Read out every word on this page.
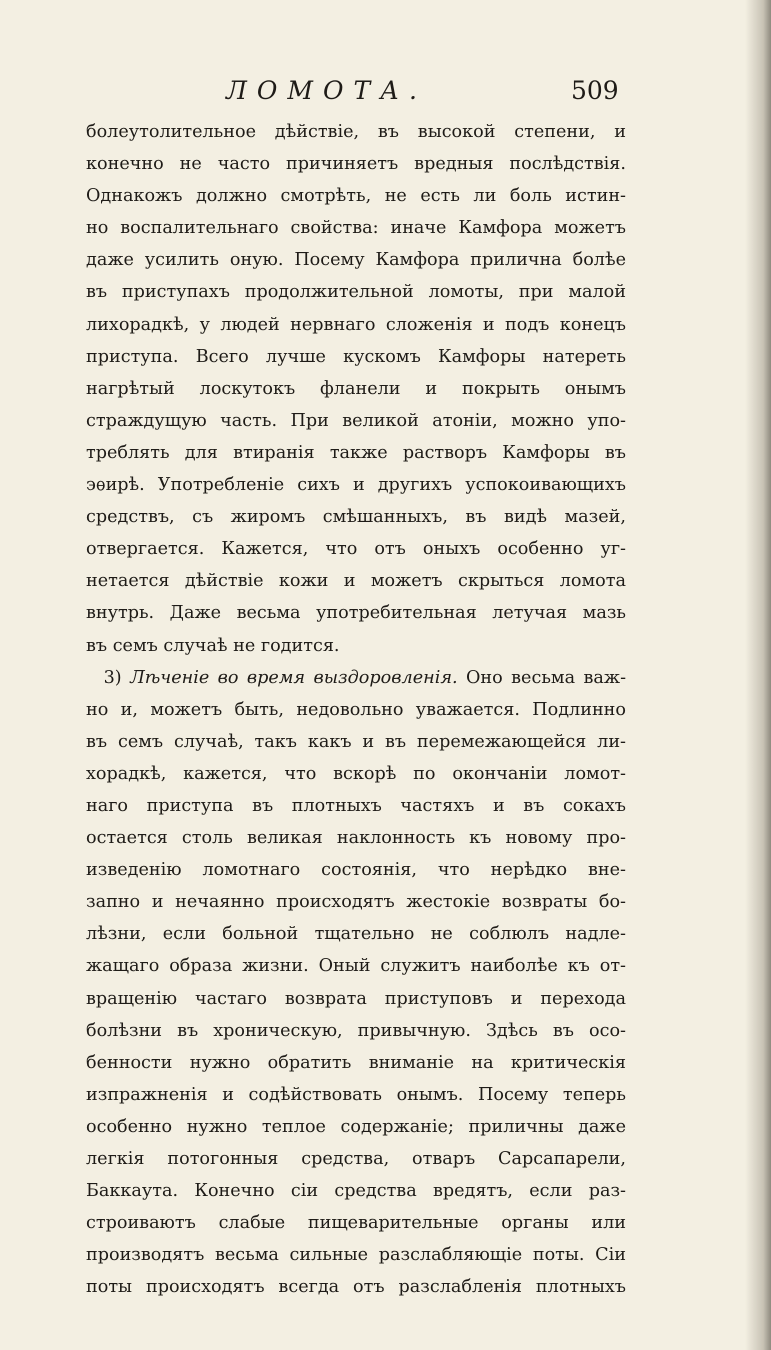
ЛОМОТА.	509
болеутолительное дѣйствіе, въ высокой степени, и
конечно не часто причиняетъ вредныя послѣдствія.
Однакожъ должно смотрѣть, не есть ли боль истин-
но воспалительнаго свойства: иначе Камфора можетъ
даже усилить оную. Посему Камфора прилична болѣе
въ приступахъ продолжительной ломоты, при малой
лихорадкѣ, у людей нервнаго сложенія и подъ конецъ
приступа. Всего лучше кускомъ Камфоры натереть
нагрѣтый лоскутокъ фланели и покрыть онымъ
страждущую часть. При великой атоніи, можно упо-
треблять для втиранія также растворъ Камфоры въ
эѳирѣ. Употребленіе сихъ и другихъ успокоивающихъ
средствъ, съ жиромъ смѣшанныхъ, въ видѣ мазей,
отвергается. Кажется, что отъ оныхъ особенно уг-
нетается дѣйствіе кожи и можетъ скрыться ломота
внутрь. Даже весьма употребительная летучая мазь
въ семъ случаѣ не годится.
 3) Лѣченіе во время выздоровленія. Оно весьма важ-
но и, можетъ быть, недовольно уважается. Подлинно
въ семъ случаѣ, такъ какъ и въ перемежающейся ли-
хорадкѣ, кажется, что вскорѣ по окончаніи ломот-
наго приступа въ плотныхъ частяхъ и въ сокахъ
остается столь великая наклонность къ новому про-
изведенію ломотнаго состоянія, что нерѣдко вне-
запно и нечаянно происходятъ жестокіе возвраты бо-
лѣзни, если больной тщательно не соблюлъ надле-
жащаго образа жизни. Оный служитъ наиболѣе къ от-
вращенію частаго возврата приступовъ и перехода
болѣзни въ хроническую, привычную. Здѣсь въ осо-
бенности нужно обратить вниманіе на критическія
изпражненія и содѣйствовать онымъ. Посему теперь
особенно нужно теплое содержаніе; приличны даже
легкія потогонныя средства, отваръ Сарсапарели,
Баккаута. Конечно сіи средства вредятъ, если раз-
строиваютъ слабые пищеварительные органы или
производятъ весьма сильные разслабляющіе поты. Сіи
поты происходятъ всегда отъ разслабленія плотныхъ
